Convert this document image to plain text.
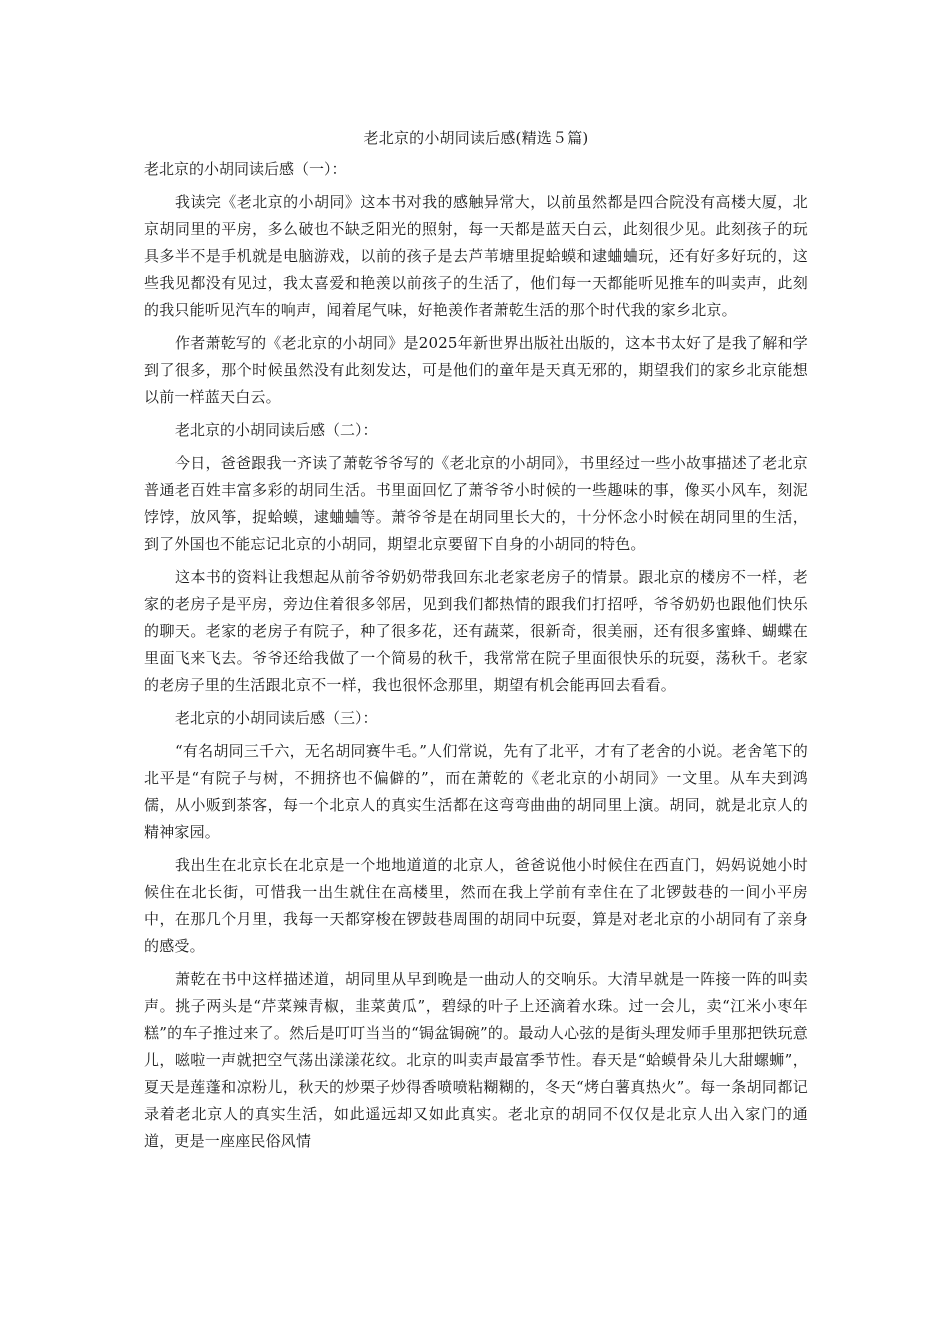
老北京的小胡同读后感(精选５篇)
老北京的小胡同读后感（一）：

我读完《老北京的小胡同》这本书对我的感触异常大，以前虽然都是四合院没有高楼大厦，北京胡同里的平房，多么破也不缺乏阳光的照射，每一天都是蓝天白云，此刻很少见。此刻孩子的玩具多半不是手机就是电脑游戏，以前的孩子是去芦苇塘里捉蛤蟆和逮蛐蛐玩，还有好多好玩的，这些我见都没有见过，我太喜爱和艳羡以前孩子的生活了，他们每一天都能听见推车的叫卖声，此刻的我只能听见汽车的响声，闻着尾气味，好艳羡作者萧乾生活的那个时代我的家乡北京。

作者萧乾写的《老北京的小胡同》是2025年新世界出版社出版的，这本书太好了是我了解和学到了很多，那个时候虽然没有此刻发达，可是他们的童年是天真无邪的，期望我们的家乡北京能想以前一样蓝天白云。

老北京的小胡同读后感（二）：

今日，爸爸跟我一齐读了萧乾爷爷写的《老北京的小胡同》，书里经过一些小故事描述了老北京普通老百姓丰富多彩的胡同生活。书里面回忆了萧爷爷小时候的一些趣味的事，像买小风车，刻泥饽饽，放风筝，捉蛤蟆，逮蛐蛐等。萧爷爷是在胡同里长大的，十分怀念小时候在胡同里的生活，到了外国也不能忘记北京的小胡同，期望北京要留下自身的小胡同的特色。

这本书的资料让我想起从前爷爷奶奶带我回东北老家老房子的情景。跟北京的楼房不一样，老家的老房子是平房，旁边住着很多邻居，见到我们都热情的跟我们打招呼，爷爷奶奶也跟他们快乐的聊天。老家的老房子有院子，种了很多花，还有蔬菜，很新奇，很美丽，还有很多蜜蜂、蝴蝶在里面飞来飞去。爷爷还给我做了一个简易的秋千，我常常在院子里面很快乐的玩耍，荡秋千。老家的老房子里的生活跟北京不一样，我也很怀念那里，期望有机会能再回去看看。

老北京的小胡同读后感（三）：

“有名胡同三千六，无名胡同赛牛毛。”人们常说，先有了北平，才有了老舍的小说。老舍笔下的北平是“有院子与树，不拥挤也不偏僻的”，而在萧乾的《老北京的小胡同》一文里。从车夫到鸿儒，从小贩到茶客，每一个北京人的真实生活都在这弯弯曲曲的胡同里上演。胡同，就是北京人的精神家园。

我出生在北京长在北京是一个地地道道的北京人，爸爸说他小时候住在西直门，妈妈说她小时候住在北长街，可惜我一出生就住在高楼里，然而在我上学前有幸住在了北锣鼓巷的一间小平房中，在那几个月里，我每一天都穿梭在锣鼓巷周围的胡同中玩耍，算是对老北京的小胡同有了亲身的感受。

萧乾在书中这样描述道，胡同里从早到晚是一曲动人的交响乐。大清早就是一阵接一阵的叫卖声。挑子两头是“芹菜辣青椒，韭菜黄瓜”，碧绿的叶子上还滴着水珠。过一会儿，卖“江米小枣年糕”的车子推过来了。然后是叮叮当当的“锔盆锔碗”的。最动人心弦的是街头理发师手里那把铁玩意儿，嗞啦一声就把空气荡出漾漾花纹。北京的叫卖声最富季节性。春天是“蛤蟆骨朵儿大甜螺蛳”，夏天是莲蓬和凉粉儿，秋天的炒栗子炒得香喷喷粘糊糊的，冬天“烤白薯真热火”。每一条胡同都记录着老北京人的真实生活，如此遥远却又如此真实。老北京的胡同不仅仅是北京人出入家门的通道，更是一座座民俗风情
